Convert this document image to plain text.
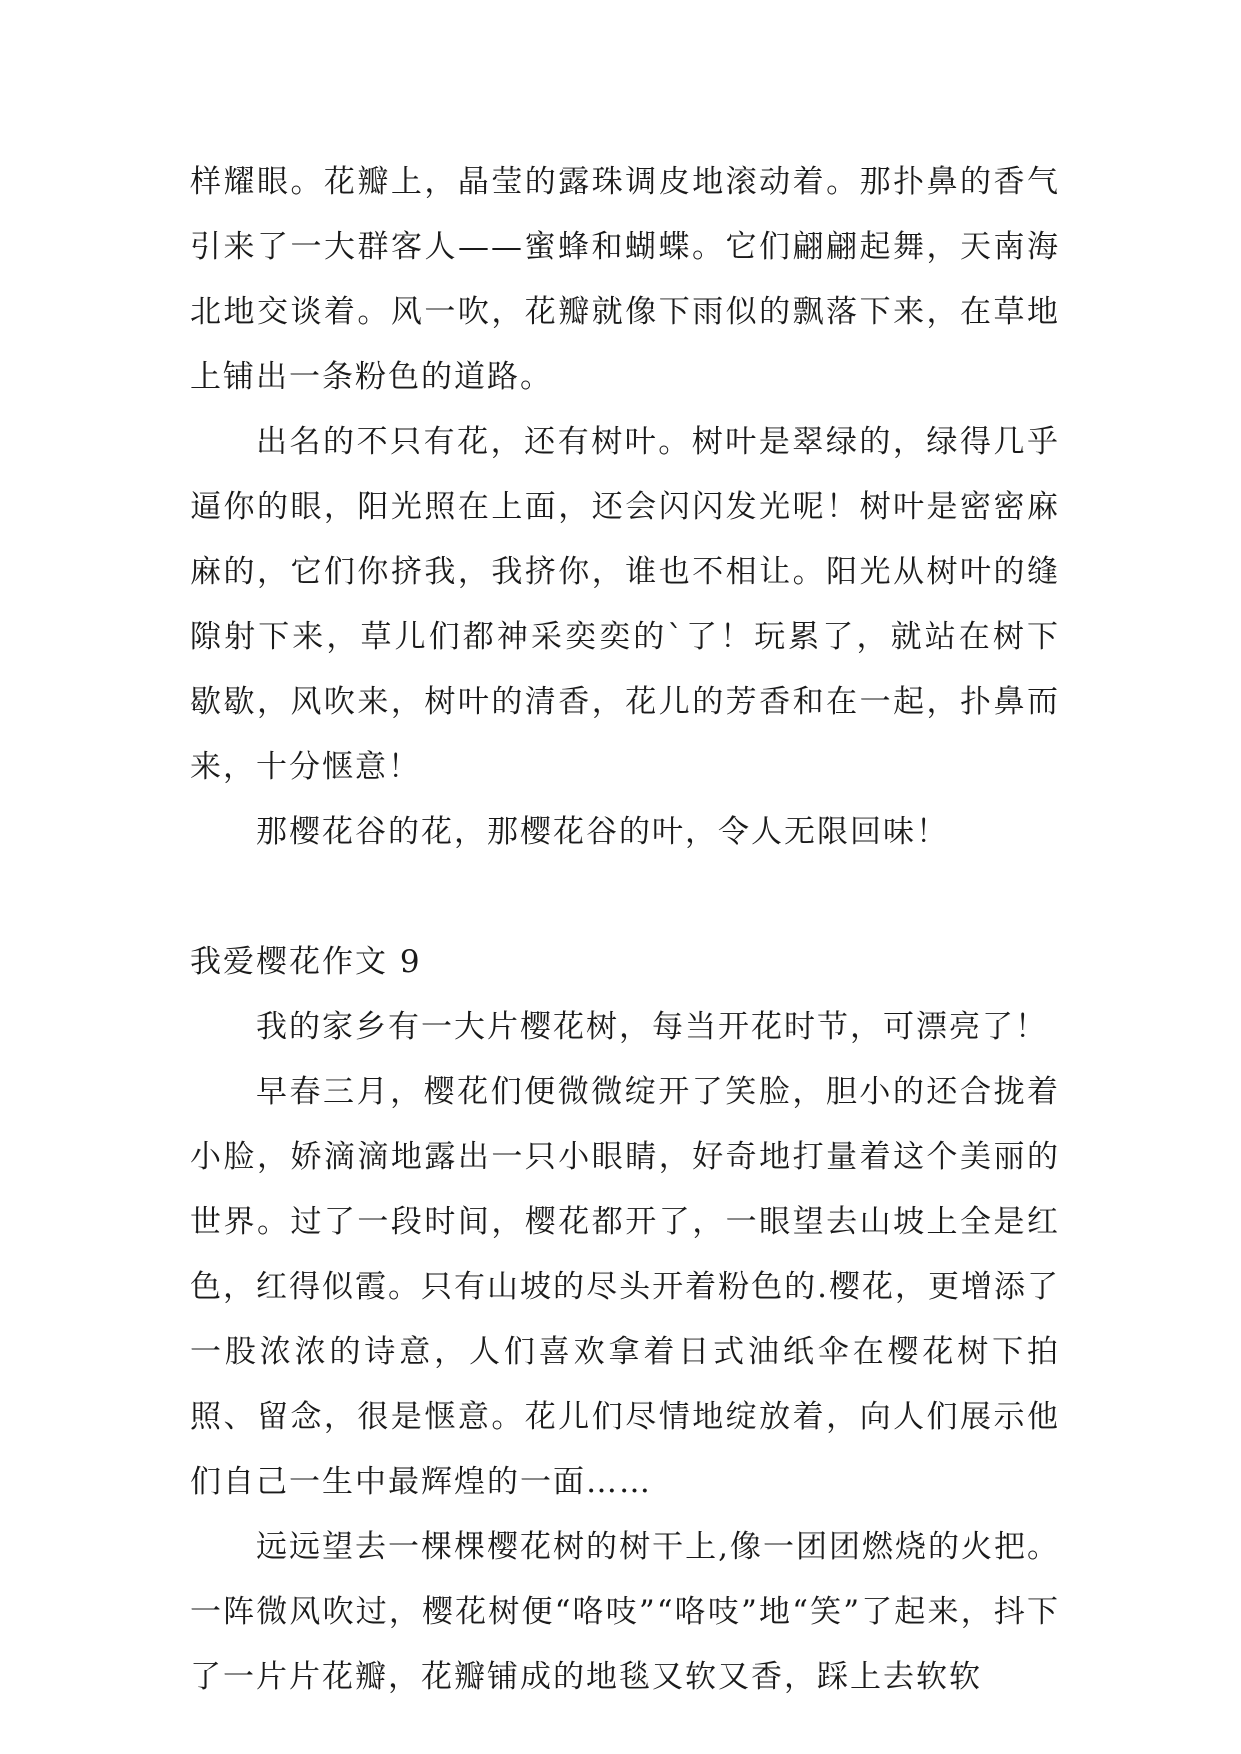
样耀眼。花瓣上，晶莹的露珠调皮地滚动着。那扑鼻的香气引来了一大群客人——蜜蜂和蝴蝶。它们翩翩起舞，天南海北地交谈着。风一吹，花瓣就像下雨似的飘落下来，在草地上铺出一条粉色的道路。

出名的不只有花，还有树叶。树叶是翠绿的，绿得几乎逼你的眼，阳光照在上面，还会闪闪发光呢！树叶是密密麻麻的，它们你挤我，我挤你，谁也不相让。阳光从树叶的缝隙射下来，草儿们都神采奕奕的`了！玩累了，就站在树下歇歇，风吹来，树叶的清香，花儿的芳香和在一起，扑鼻而来，十分惬意！

那樱花谷的花，那樱花谷的叶，令人无限回味！

我爱樱花作文 9

我的家乡有一大片樱花树，每当开花时节，可漂亮了！

早春三月，樱花们便微微绽开了笑脸，胆小的还合拢着小脸，娇滴滴地露出一只小眼睛，好奇地打量着这个美丽的世界。过了一段时间，樱花都开了，一眼望去山坡上全是红色，红得似霞。只有山坡的尽头开着粉色的.樱花，更增添了一股浓浓的诗意，人们喜欢拿着日式油纸伞在樱花树下拍照、留念，很是惬意。花儿们尽情地绽放着，向人们展示他们自己一生中最辉煌的一面……

远远望去一棵棵樱花树的树干上,像一团团燃烧的火把。一阵微风吹过，樱花树便“咯吱”“咯吱”地“笑”了起来，抖下了一片片花瓣，花瓣铺成的地毯又软又香，踩上去软软
